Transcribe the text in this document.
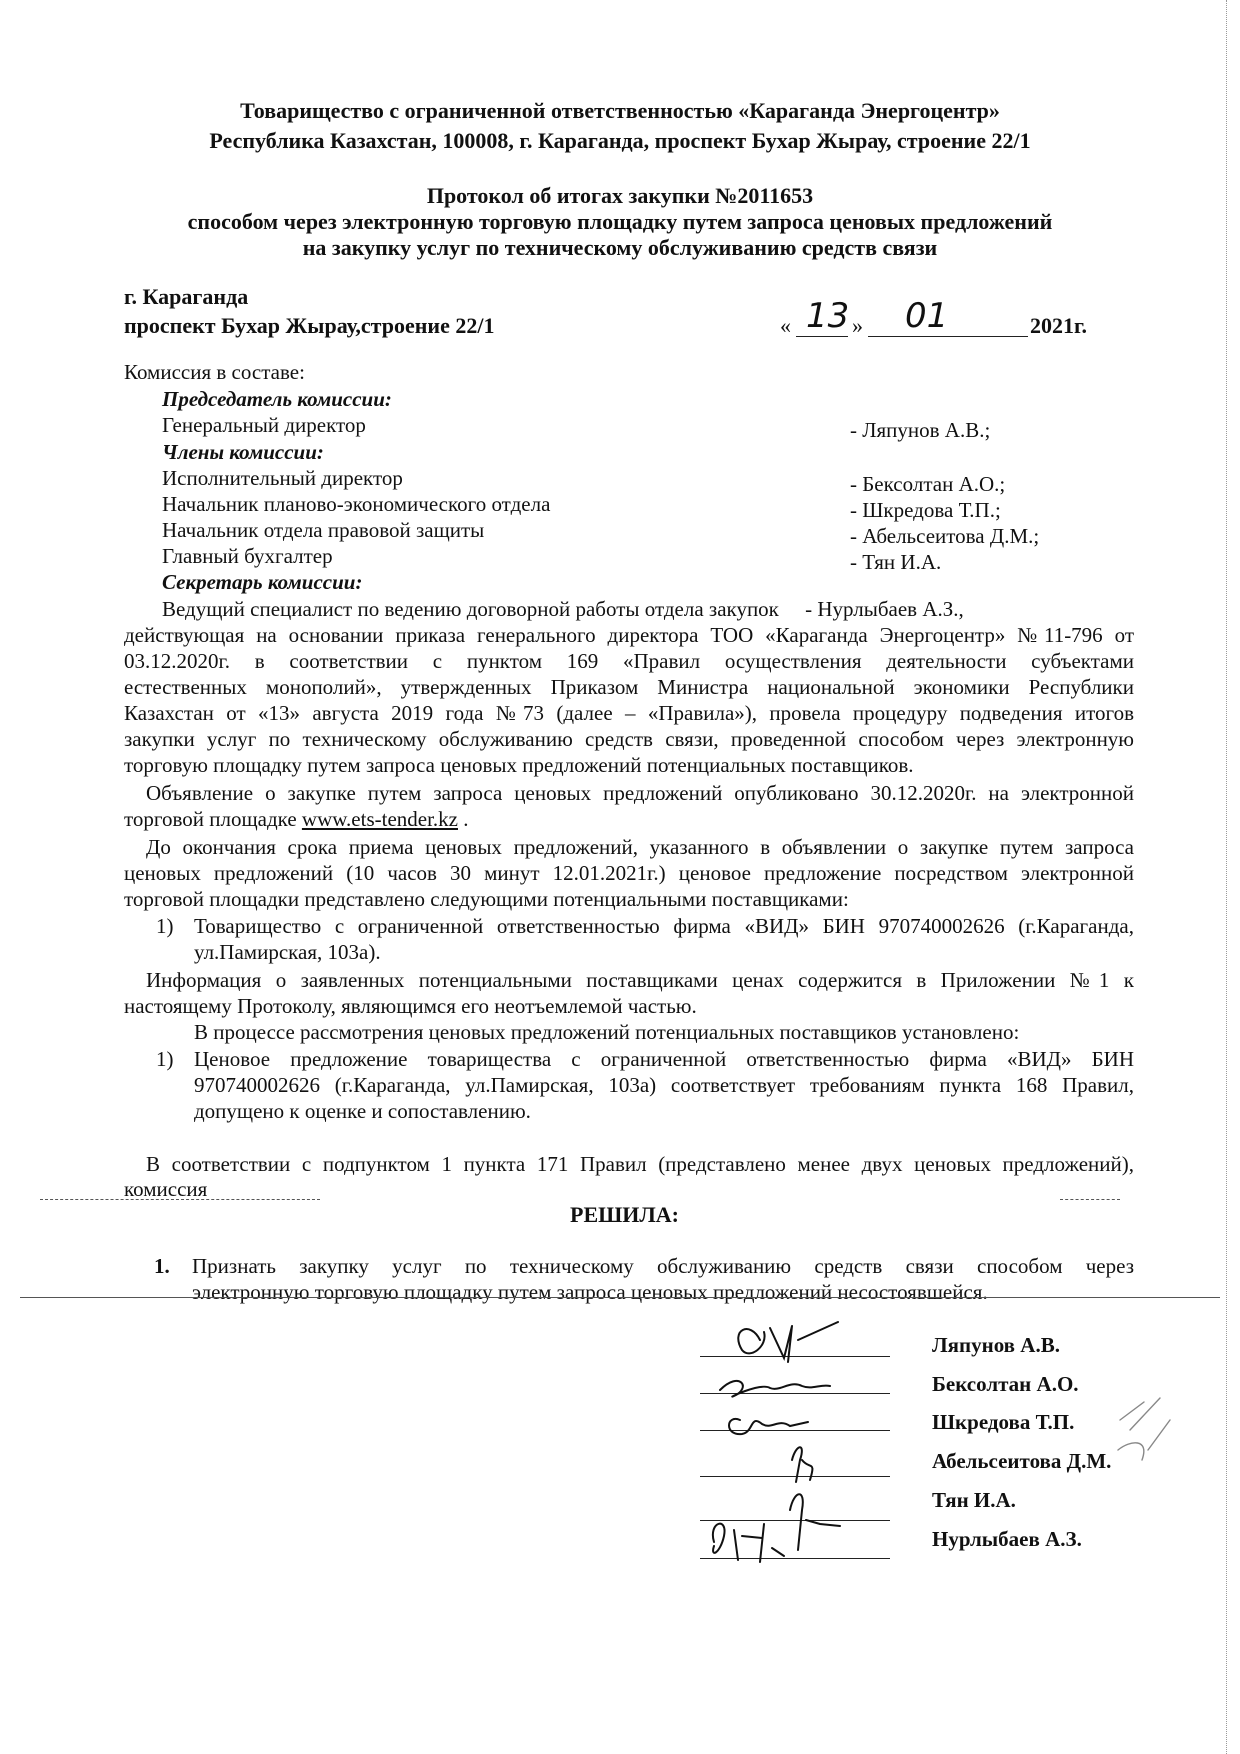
Товарищество с ограниченной ответственностью «Караганда Энергоцентр»
Республика Казахстан, 100008, г. Караганда, проспект Бухар Жырау, строение 22/1
Протокол об итогах закупки №2011653
способом через электронную торговую площадку путем запроса ценовых предложений
на закупку услуг по техническому обслуживанию средств связи
г. Караганда
проспект Бухар Жырау,строение 22/1	« 13 » 01	2021г.
Комиссия в составе:
Председатель комиссии:
Генеральный директор	- Ляпунов А.В.;
Члены комиссии:
Исполнительный директор	- Бексолтан А.О.;
Начальник планово-экономического отдела	- Шкредова Т.П.;
Начальник отдела правовой защиты	- Абельсеитова Д.М.;
Главный бухгалтер	- Тян И.А.
Секретарь комиссии:
Ведущий специалист по ведению договорной работы отдела закупок     - Нурлыбаев А.З.,
действующая на основании приказа генерального директора ТОО «Караганда Энергоцентр» №11-796 от
03.12.2020г. в соответствии с пунктом 169 «Правил осуществления деятельности субъектами
естественных монополий», утвержденных Приказом Министра национальной экономики Республики
Казахстан от «13» августа 2019 года №73 (далее – «Правила»), провела процедуру подведения итогов
закупки услуг по техническому обслуживанию средств связи, проведенной способом через электронную
торговую площадку путем запроса ценовых предложений потенциальных поставщиков.
Объявление о закупке путем запроса ценовых предложений опубликовано 30.12.2020г. на электронной
торговой площадке www.ets-tender.kz .
До окончания срока приема ценовых предложений, указанного в объявлении о закупке путем запроса
ценовых предложений (10 часов 30 минут 12.01.2021г.) ценовое предложение посредством электронной
торговой площадки представлено следующими потенциальными поставщиками:
1) Товарищество с ограниченной ответственностью фирма «ВИД» БИН 970740002626 (г.Караганда,
ул.Памирская, 103а).
Информация о заявленных потенциальными поставщиками ценах содержится в Приложении №1 к
настоящему Протоколу, являющимся его неотъемлемой частью.
В процессе рассмотрения ценовых предложений потенциальных поставщиков установлено:
1) Ценовое предложение товарищества с ограниченной ответственностью фирма «ВИД» БИН
970740002626 (г.Караганда, ул.Памирская, 103а) соответствует требованиям пункта 168 Правил,
допущено к оценке и сопоставлению.
В соответствии с подпунктом 1 пункта 171 Правил (представлено менее двух ценовых предложений),
комиссия
РЕШИЛА:
1. Признать закупку услуг по техническому обслуживанию средств связи способом через
электронную торговую площадку путем запроса ценовых предложений несостоявшейся.
Ляпунов А.В.
Бексолтан А.О.
Шкредова Т.П.
Абельсеитова Д.М.
Тян И.А.
Нурлыбаев А.З.
